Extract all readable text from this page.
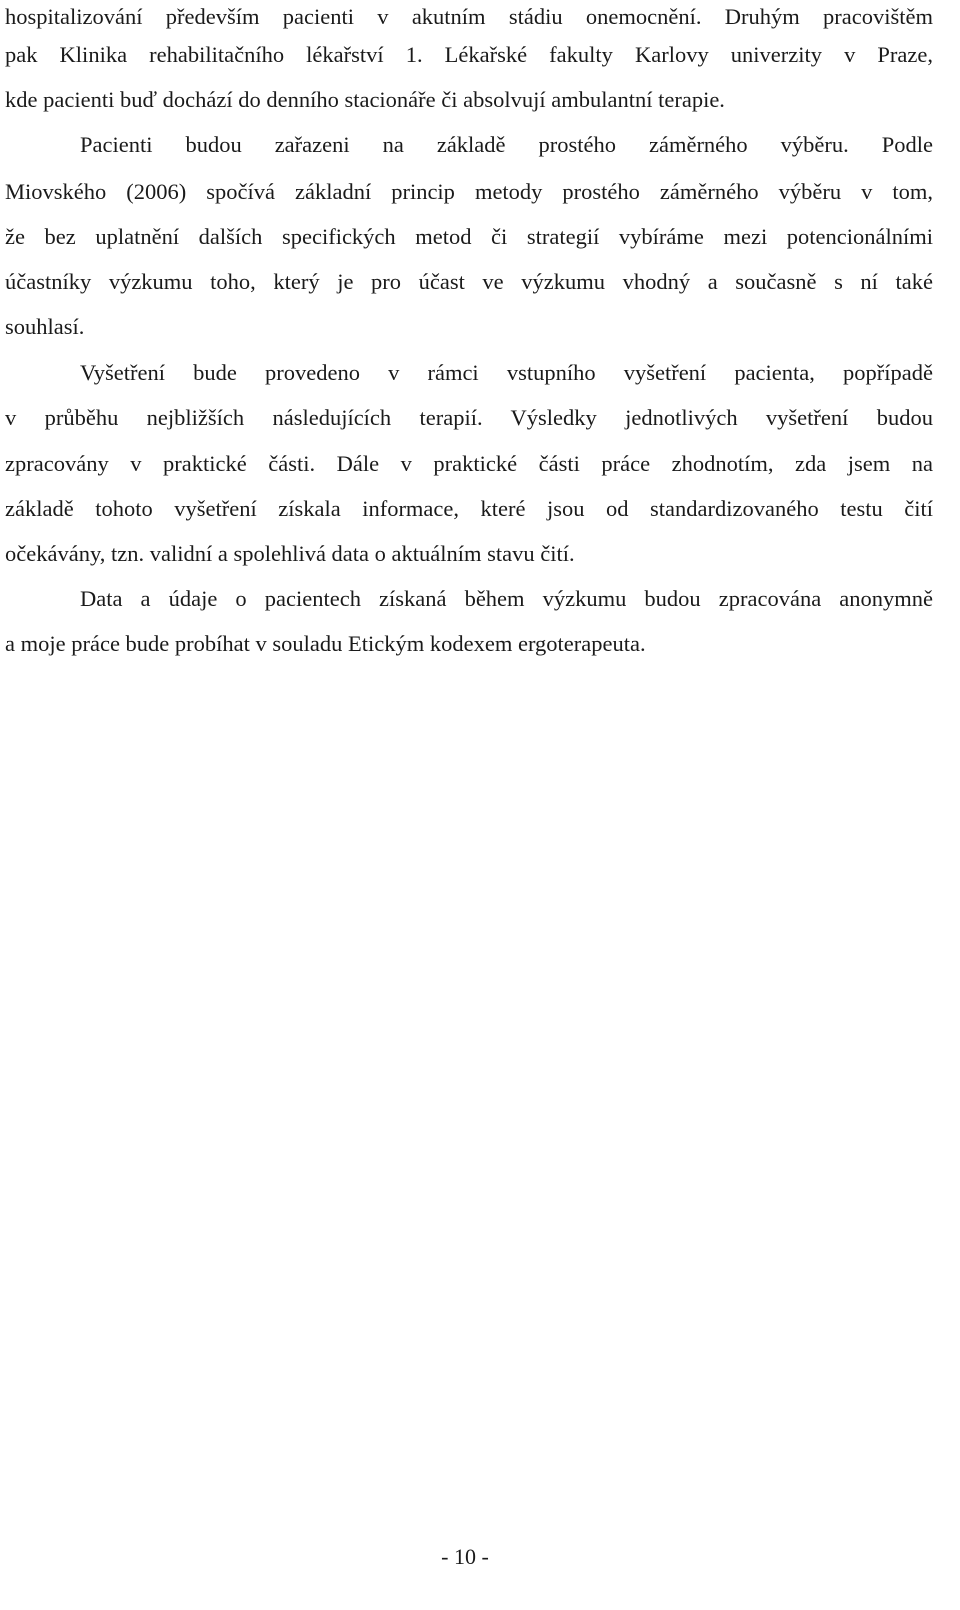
hospitalizování především pacienti v akutním stádiu onemocnění. Druhým pracovištěm
pak Klinika rehabilitačního lékařství 1. Lékařské fakulty Karlovy univerzity v Praze,
kde pacienti buď dochází do denního stacionáře či absolvují ambulantní terapie.
Pacienti budou zařazeni na základě prostého záměrného výběru. Podle
Miovského (2006) spočívá základní princip metody prostého záměrného výběru v tom,
že bez uplatnění dalších specifických metod či strategií vybíráme mezi potencionálními
účastníky výzkumu toho, který je pro účast ve výzkumu vhodný a současně s ní také
souhlasí.
Vyšetření bude provedeno v rámci vstupního vyšetření pacienta, popřípadě
v průběhu nejbližších následujících terapií. Výsledky jednotlivých vyšetření budou
zpracovány v praktické části. Dále v praktické části práce zhodnotím, zda jsem na
základě tohoto vyšetření získala informace, které jsou od standardizovaného testu čití
očekávány, tzn. validní a spolehlivá data o aktuálním stavu čití.
Data a údaje o pacientech získaná během výzkumu budou zpracována anonymně
a moje práce bude probíhat v souladu Etickým kodexem ergoterapeuta.
- 10 -
